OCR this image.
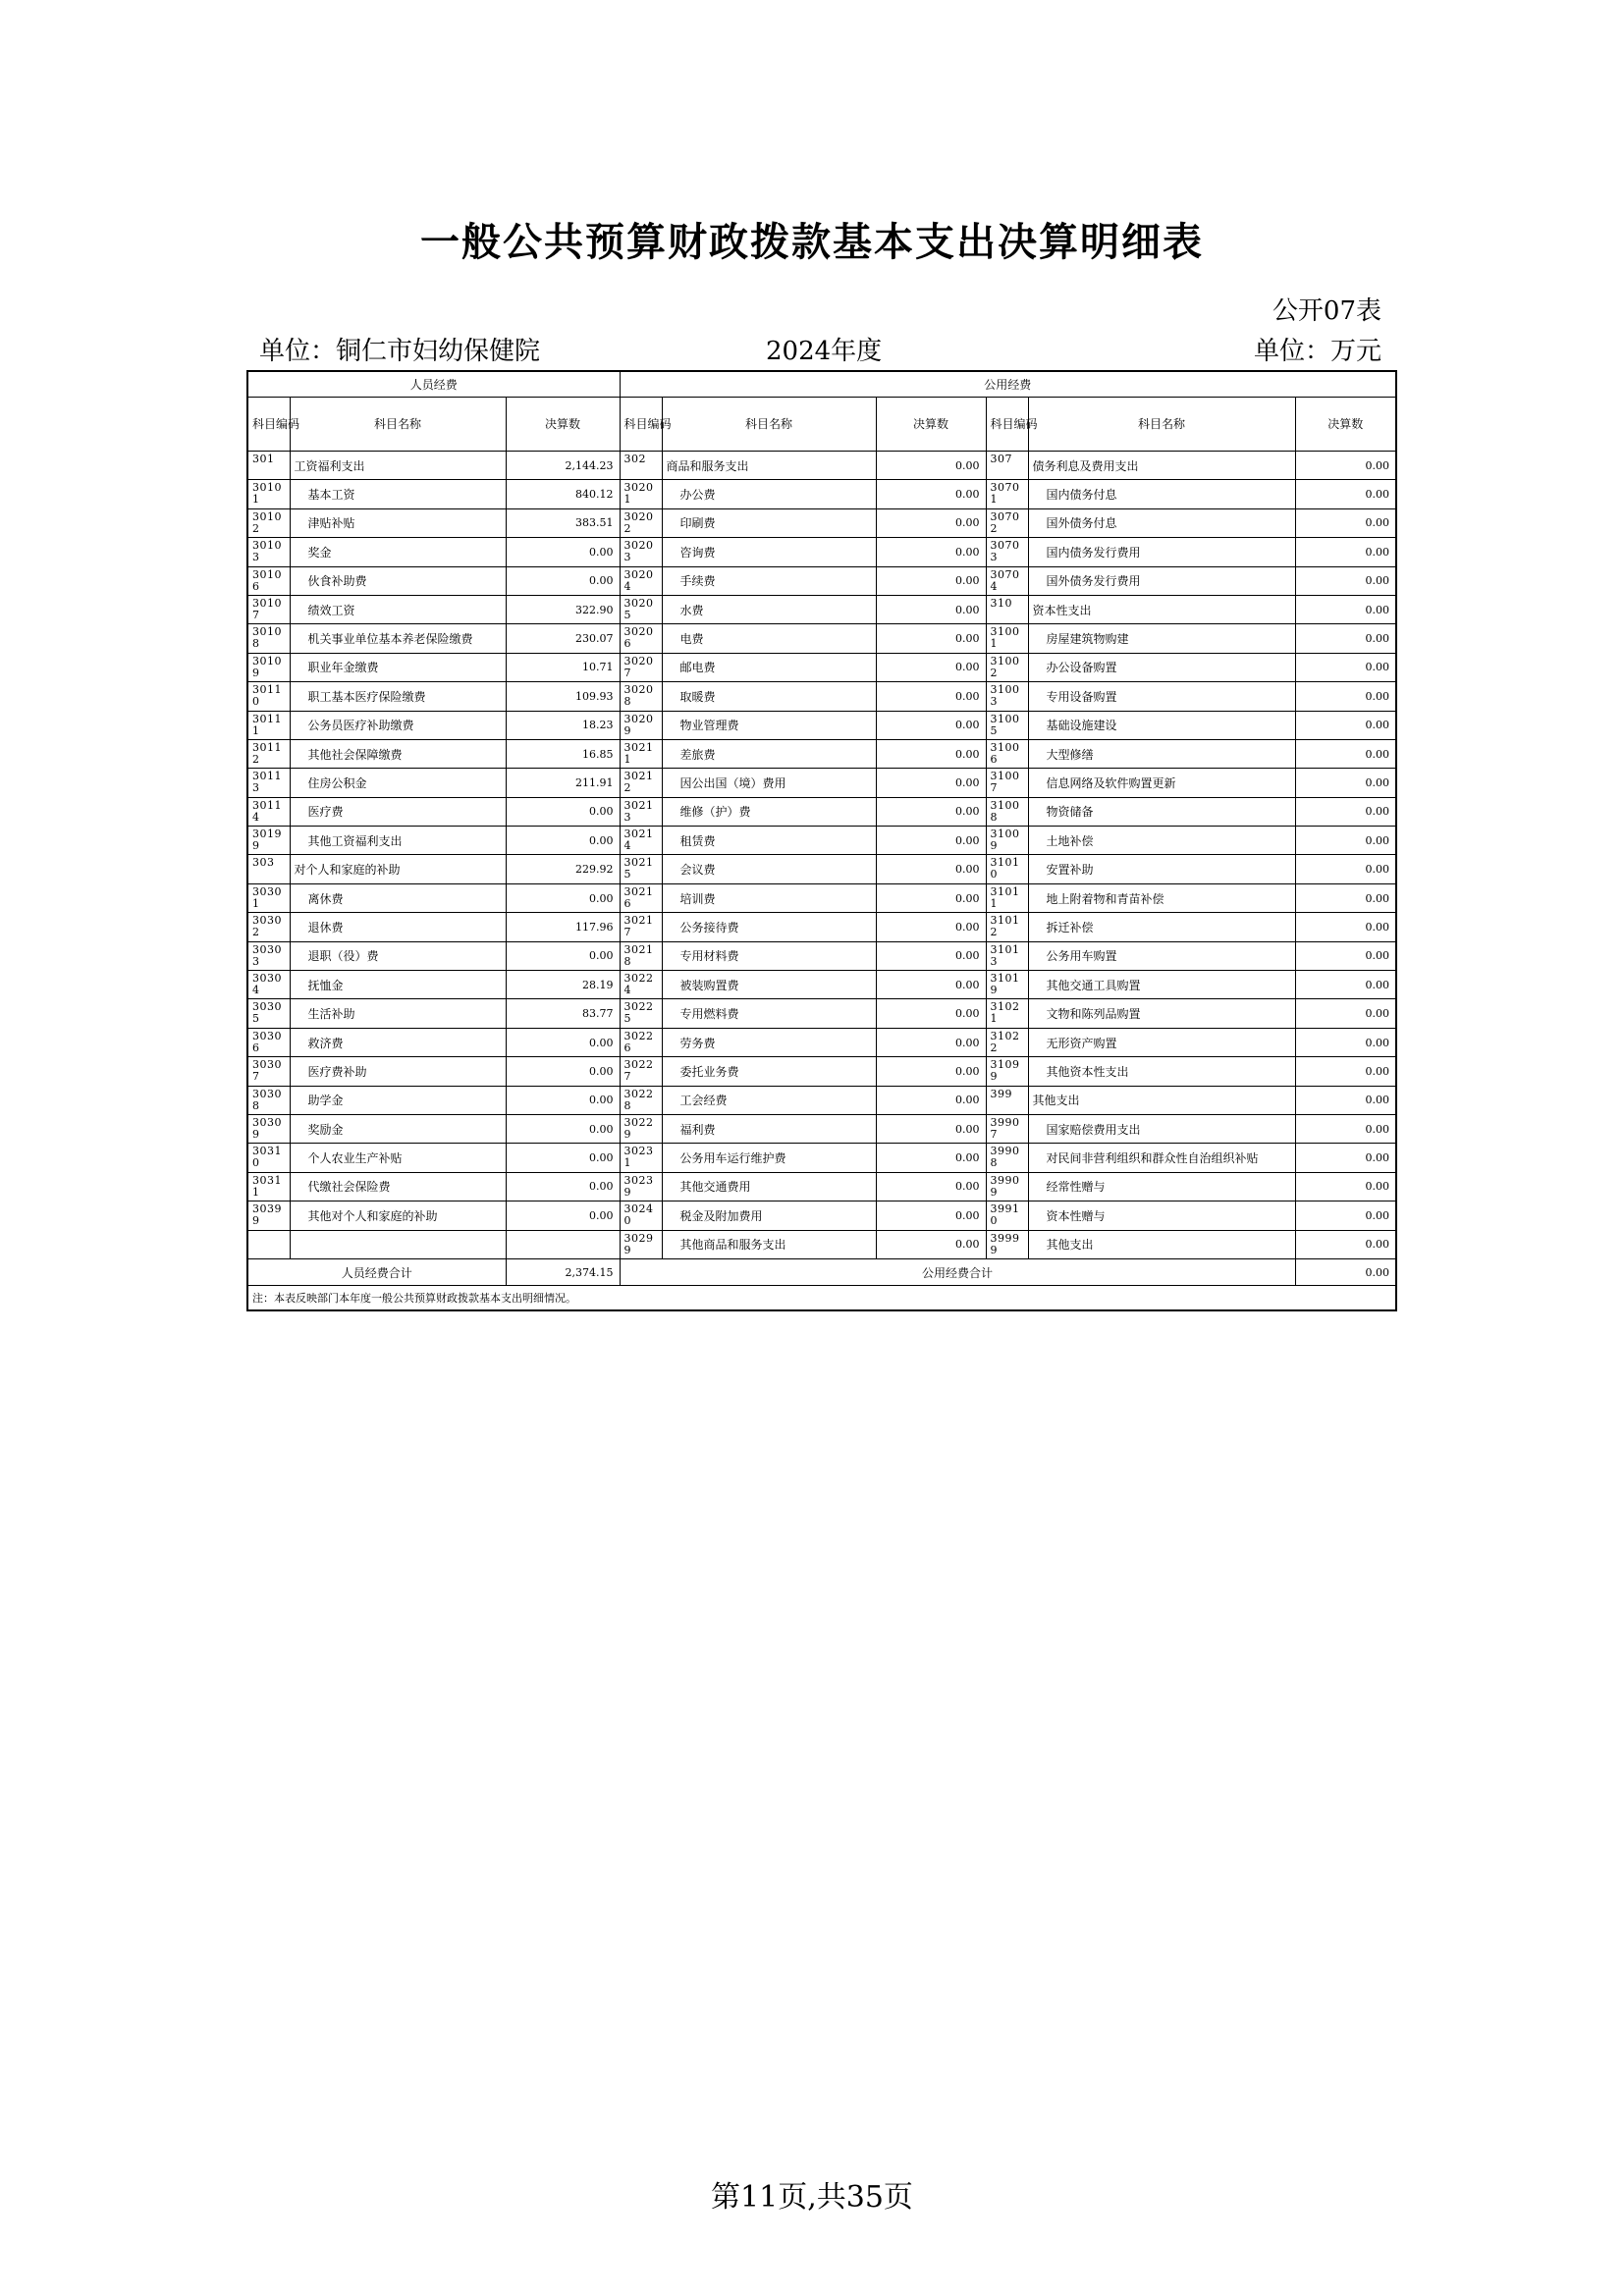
一般公共预算财政拨款基本支出决算明细表
公开07表
单位：铜仁市妇幼保健院	2024年度	单位：万元
人员经费			公用经费					
科目编码	科目名称	决算数	科目编码	科目名称	决算数	科目编码	科目名称	决算数
301	工资福利支出	2,144.23	302	商品和服务支出	0.00	307	债务利息及费用支出	0.00
30101	基本工资	840.12	30201	办公费	0.00	30701	国内债务付息	0.00
30102	津贴补贴	383.51	30202	印刷费	0.00	30702	国外债务付息	0.00
30103	奖金	0.00	30203	咨询费	0.00	30703	国内债务发行费用	0.00
30106	伙食补助费	0.00	30204	手续费	0.00	30704	国外债务发行费用	0.00
30107	绩效工资	322.90	30205	水费	0.00	310	资本性支出	0.00
30108	机关事业单位基本养老保险缴费	230.07	30206	电费	0.00	31001	房屋建筑物购建	0.00
30109	职业年金缴费	10.71	30207	邮电费	0.00	31002	办公设备购置	0.00
30110	职工基本医疗保险缴费	109.93	30208	取暖费	0.00	31003	专用设备购置	0.00
30111	公务员医疗补助缴费	18.23	30209	物业管理费	0.00	31005	基础设施建设	0.00
30112	其他社会保障缴费	16.85	30211	差旅费	0.00	31006	大型修缮	0.00
30113	住房公积金	211.91	30212	因公出国（境）费用	0.00	31007	信息网络及软件购置更新	0.00
30114	医疗费	0.00	30213	维修（护）费	0.00	31008	物资储备	0.00
30199	其他工资福利支出	0.00	30214	租赁费	0.00	31009	土地补偿	0.00
303	对个人和家庭的补助	229.92	30215	会议费	0.00	31010	安置补助	0.00
30301	离休费	0.00	30216	培训费	0.00	31011	地上附着物和青苗补偿	0.00
30302	退休费	117.96	30217	公务接待费	0.00	31012	拆迁补偿	0.00
30303	退职（役）费	0.00	30218	专用材料费	0.00	31013	公务用车购置	0.00
30304	抚恤金	28.19	30224	被装购置费	0.00	31019	其他交通工具购置	0.00
30305	生活补助	83.77	30225	专用燃料费	0.00	31021	文物和陈列品购置	0.00
30306	救济费	0.00	30226	劳务费	0.00	31022	无形资产购置	0.00
30307	医疗费补助	0.00	30227	委托业务费	0.00	31099	其他资本性支出	0.00
30308	助学金	0.00	30228	工会经费	0.00	399	其他支出	0.00
30309	奖励金	0.00	30229	福利费	0.00	39907	国家赔偿费用支出	0.00
30310	个人农业生产补贴	0.00	30231	公务用车运行维护费	0.00	39908	对民间非营利组织和群众性自治组织补贴	0.00
30311	代缴社会保险费	0.00	30239	其他交通费用	0.00	39909	经常性赠与	0.00
30399	其他对个人和家庭的补助	0.00	30240	税金及附加费用	0.00	39910	资本性赠与	0.00
			30299	其他商品和服务支出	0.00	39999	其他支出	0.00
人员经费合计		2,374.15	公用经费合计					0.00
注：本表反映部门本年度一般公共预算财政拨款基本支出明细情况。								
第11页,共35页
